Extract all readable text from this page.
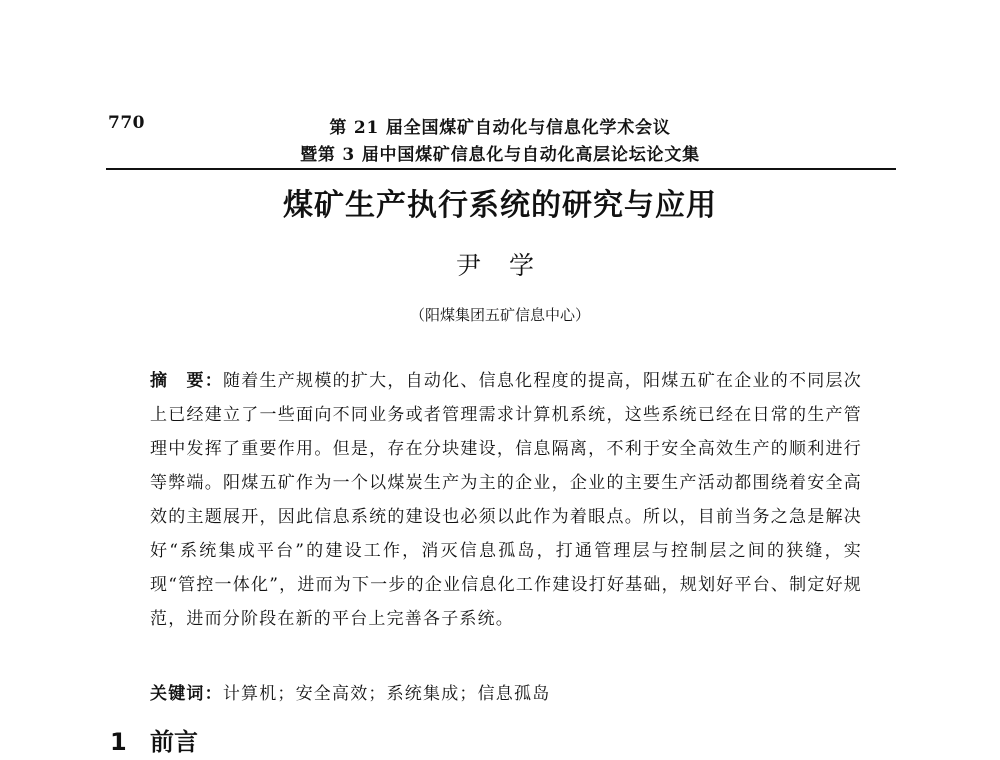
770	第 21 届全国煤矿自动化与信息化学术会议
暨第 3 届中国煤矿信息化与自动化高层论坛论文集
煤矿生产执行系统的研究与应用
尹 学
（阳煤集团五矿信息中心）

摘　要：随着生产规模的扩大，自动化、信息化程度的提高，阳煤五矿在企业的不同层次上已经建立了一些面向不同业务或者管理需求计算机系统，这些系统已经在日常的生产管理中发挥了重要作用。但是，存在分块建设，信息隔离，不利于安全高效生产的顺利进行等弊端。阳煤五矿作为一个以煤炭生产为主的企业，企业的主要生产活动都围绕着安全高效的主题展开，因此信息系统的建设也必须以此作为着眼点。所以，目前当务之急是解决好“系统集成平台”的建设工作，消灭信息孤岛，打通管理层与控制层之间的狭缝，实现“管控一体化”，进而为下一步的企业信息化工作建设打好基础，规划好平台、制定好规范，进而分阶段在新的平台上完善各子系统。

关键词：计算机；安全高效；系统集成；信息孤岛
1 前言
